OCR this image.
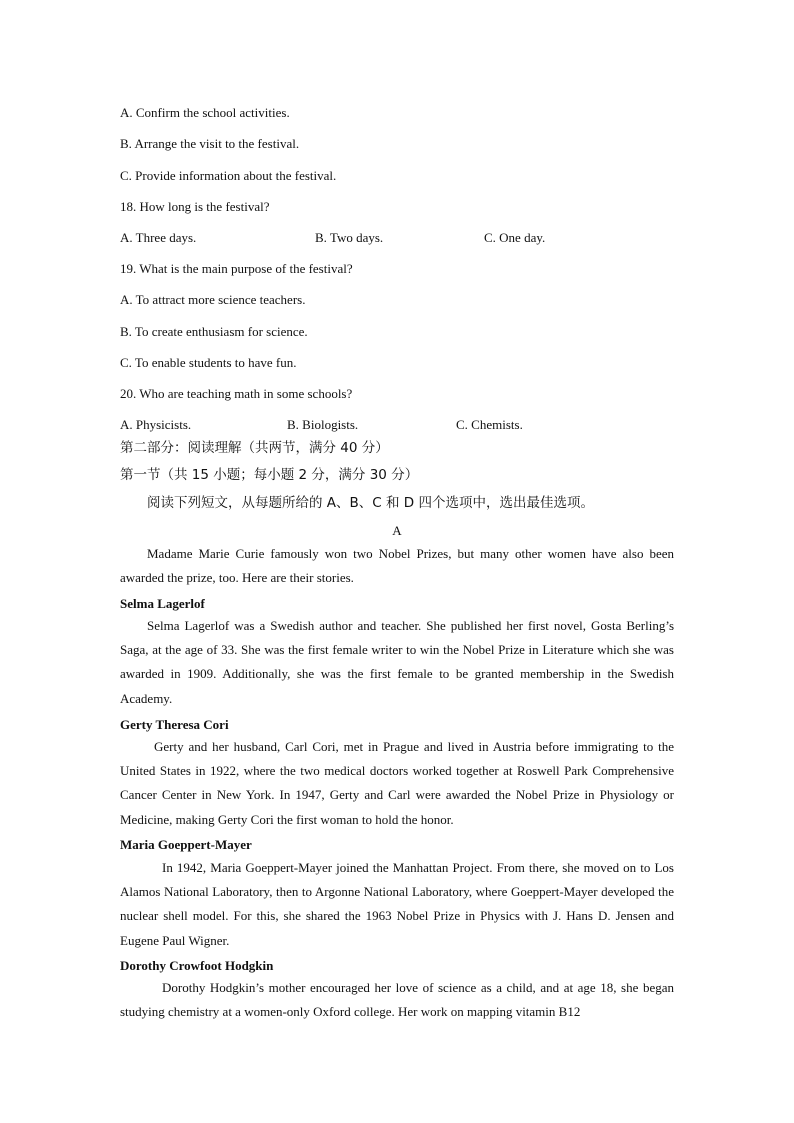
A. Confirm the school activities.
B. Arrange the visit to the festival.
C. Provide information about the festival.
18. How long is the festival?
A. Three days.	B. Two days.	C. One day.
19. What is the main purpose of the festival?
A. To attract more science teachers.
B. To create enthusiasm for science.
C. To enable students to have fun.
20. Who are teaching math in some schools?
A. Physicists.	B. Biologists.	C. Chemists.
第二部分：阅读理解（共两节，满分 40 分）
第一节（共 15 小题；每小题 2 分，满分 30 分）
阅读下列短文，从每题所给的 A、B、C 和 D 四个选项中，选出最佳选项。
A
Madame Marie Curie famously won two Nobel Prizes, but many other women have also been awarded the prize, too. Here are their stories.
Selma Lagerlof
Selma Lagerlof was a Swedish author and teacher. She published her first novel, Gosta Berling’s Saga, at the age of 33. She was the first female writer to win the Nobel Prize in Literature which she was awarded in 1909. Additionally, she was the first female to be granted membership in the Swedish Academy.
Gerty Theresa Cori
Gerty and her husband, Carl Cori, met in Prague and lived in Austria before immigrating to the United States in 1922, where the two medical doctors worked together at Roswell Park Comprehensive Cancer Center in New York. In 1947, Gerty and Carl were awarded the Nobel Prize in Physiology or Medicine, making Gerty Cori the first woman to hold the honor.
Maria Goeppert-Mayer
In 1942, Maria Goeppert-Mayer joined the Manhattan Project. From there, she moved on to Los Alamos National Laboratory, then to Argonne National Laboratory, where Goeppert-Mayer developed the nuclear shell model. For this, she shared the 1963 Nobel Prize in Physics with J. Hans D. Jensen and Eugene Paul Wigner.
Dorothy Crowfoot Hodgkin
Dorothy Hodgkin’s mother encouraged her love of science as a child, and at age 18, she began studying chemistry at a women-only Oxford college. Her work on mapping vitamin B12
